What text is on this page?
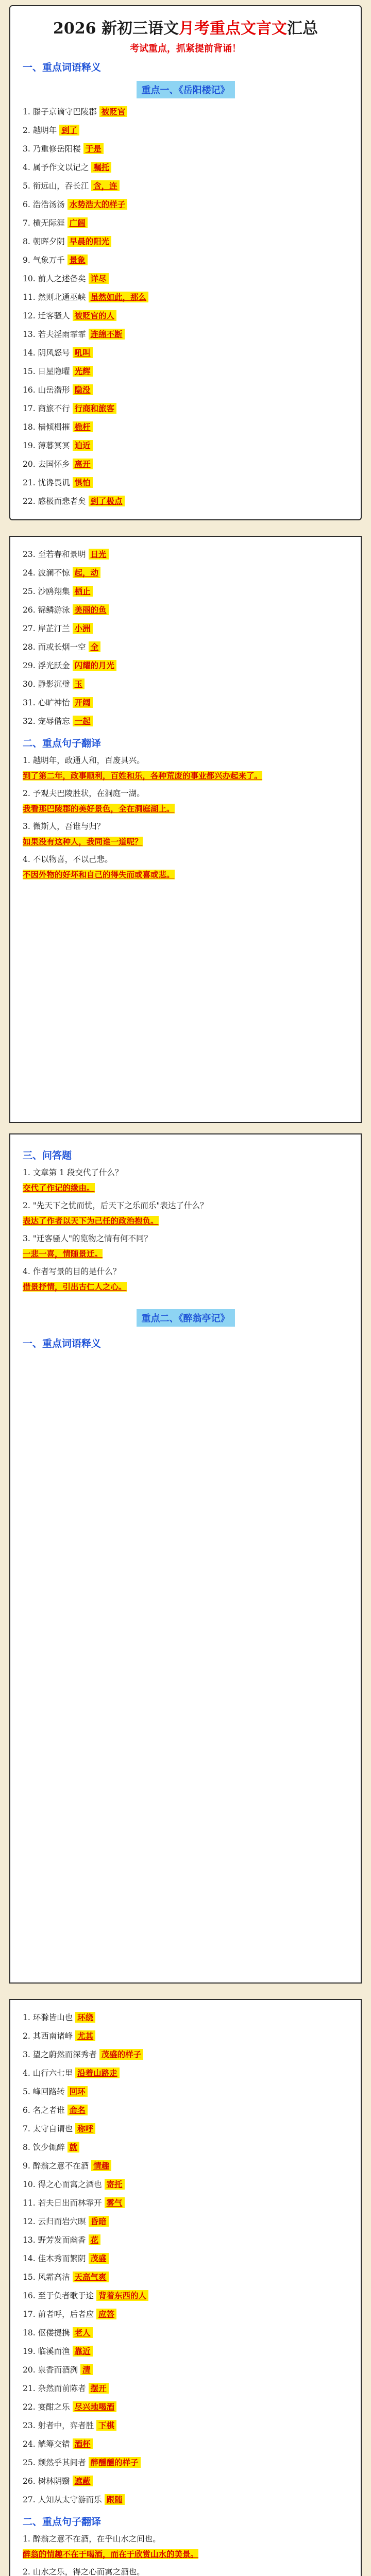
2026 新初三语文月考重点文言文汇总
考试重点，抓紧提前背诵！
一、重点词语释义
重点一、《岳阳楼记》
1. 滕子京谪守巴陵郡 被贬官
2. 越明年 到了
3. 乃重修岳阳楼 于是
4. 属予作文以记之 嘱托
5. 衔远山，吞长江 含，连
6. 浩浩汤汤 水势浩大的样子
7. 横无际涯 广阔
8. 朝晖夕阴 早晨的阳光
9. 气象万千 景象
10. 前人之述备矣 详尽
11. 然则北通巫峡 虽然如此，那么
12. 迁客骚人 被贬官的人
13. 若夫淫雨霏霏 连绵不断
14. 阴风怒号 吼叫
15. 日星隐曜 光辉
16. 山岳潜形 隐没
17. 商旅不行 行商和旅客
18. 樯倾楫摧 桅杆
19. 薄暮冥冥 迫近
20. 去国怀乡 离开
21. 忧谗畏讥 惧怕
22. 感极而悲者矣 到了极点
23. 至若春和景明 日光
24. 波澜不惊 起，动
25. 沙鸥翔集 栖止
26. 锦鳞游泳 美丽的鱼
27. 岸芷汀兰 小洲
28. 而或长烟一空 全
29. 浮光跃金 闪耀的月光
30. 静影沉璧 玉
31. 心旷神怡 开阔
32. 宠辱偕忘 一起
二、重点句子翻译
1. 越明年，政通人和，百废具兴。
到了第二年，政事顺利，百姓和乐，各种荒废的事业都兴办起来了。
2. 予观夫巴陵胜状，在洞庭一湖。
我看那巴陵郡的美好景色，全在洞庭湖上。
3. 微斯人，吾谁与归？
如果没有这种人，我同谁一道呢？
4. 不以物喜，不以己悲。
不因外物的好坏和自己的得失而或喜或悲。
三、问答题
1. 文章第 1 段交代了什么？
交代了作记的缘由。
2. "先天下之忧而忧，后天下之乐而乐"表达了什么？
表达了作者以天下为己任的政治抱负。
3. "迁客骚人"的览物之情有何不同？
一悲一喜，情随景迁。
4. 作者写景的目的是什么？
借景抒情，引出古仁人之心。
重点二、《醉翁亭记》
一、重点词语释义
1. 环滁皆山也 环绕
2. 其西南诸峰 尤其
3. 望之蔚然而深秀者 茂盛的样子
4. 山行六七里 沿着山路走
5. 峰回路转 回环
6. 名之者谁 命名
7. 太守自谓也 称呼
8. 饮少辄醉 就
9. 醉翁之意不在酒 情趣
10. 得之心而寓之酒也 寄托
11. 若夫日出而林霏开 雾气
12. 云归而岩穴暝 昏暗
13. 野芳发而幽香 花
14. 佳木秀而繁阴 茂盛
15. 风霜高洁 天高气爽
16. 至于负者歌于途 背着东西的人
17. 前者呼，后者应 应答
18. 伛偻提携 老人
19. 临溪而渔 靠近
20. 泉香而酒洌 清
21. 杂然而前陈者 摆开
22. 宴酣之乐 尽兴地喝酒
23. 射者中，弈者胜 下棋
24. 觥筹交错 酒杯
25. 颓然乎其间者 醉醺醺的样子
26. 树林阴翳 遮蔽
27. 人知从太守游而乐 跟随
二、重点句子翻译
1. 醉翁之意不在酒，在乎山水之间也。
醉翁的情趣不在于喝酒，而在于欣赏山水的美景。
2. 山水之乐，得之心而寓之酒也。
